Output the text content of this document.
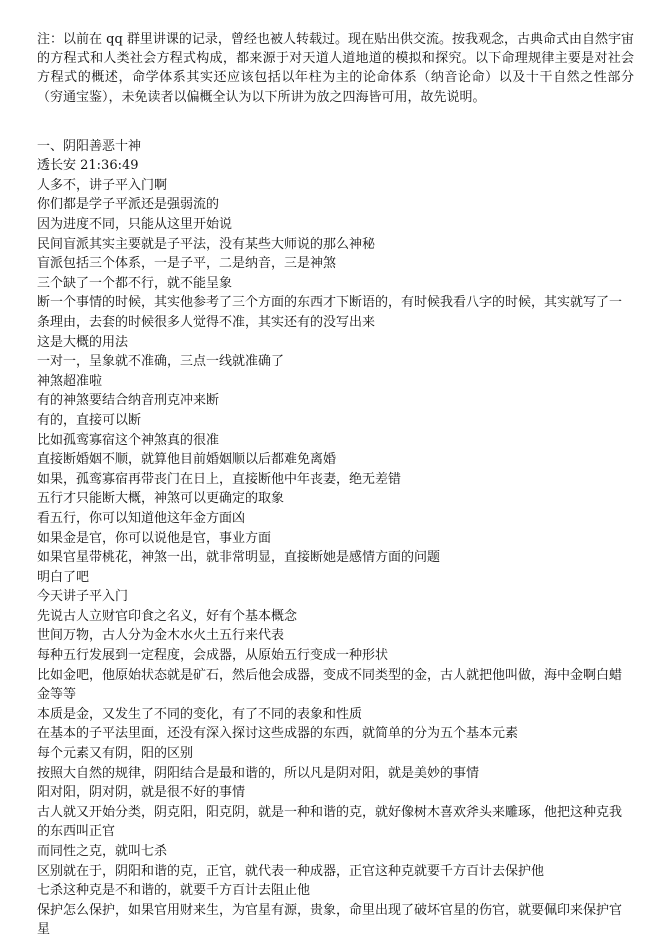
注：以前在 qq 群里讲课的记录，曾经也被人转载过。现在贴出供交流。按我观念，古典命式由自然宇宙的方程式和人类社会方程式构成，都来源于对天道人道地道的模拟和探究。以下命理规律主要是对社会方程式的概述，命学体系其实还应该包括以年柱为主的论命体系（纳音论命）以及十干自然之性部分（穷通宝鉴），未免读者以偏概全认为以下所讲为放之四海皆可用，故先说明。

一、阴阳善恶十神

透长安 21:36:49
人多不，讲子平入门啊
你们都是学子平派还是强弱流的
因为进度不同，只能从这里开始说
民间盲派其实主要就是子平法，没有某些大师说的那么神秘
盲派包括三个体系，一是子平，二是纳音，三是神煞
三个缺了一个都不行，就不能呈象
断一个事情的时候，其实他参考了三个方面的东西才下断语的，有时候我看八字的时候，其实就写了一条理由，去套的时候很多人觉得不准，其实还有的没写出来
这是大概的用法
一对一，呈象就不准确，三点一线就准确了
神煞超准啦
有的神煞要结合纳音刑克冲来断
有的，直接可以断
比如孤鸾寡宿这个神煞真的很准
直接断婚姻不顺，就算他目前婚姻顺以后都难免离婚
如果，孤鸾寡宿再带丧门在日上，直接断他中年丧妻，绝无差错
五行才只能断大概，神煞可以更确定的取象
看五行，你可以知道他这年金方面凶
如果金是官，你可以说他是官，事业方面
如果官星带桃花，神煞一出，就非常明显，直接断她是感情方面的问题
明白了吧
今天讲子平入门
先说古人立财官印食之名义，好有个基本概念
世间万物，古人分为金木水火土五行来代表
每种五行发展到一定程度，会成器，从原始五行变成一种形状
比如金吧，他原始状态就是矿石，然后他会成器，变成不同类型的金，古人就把他叫做，海中金啊白蜡金等等
本质是金，又发生了不同的变化，有了不同的表象和性质
在基本的子平法里面，还没有深入探讨这些成器的东西，就简单的分为五个基本元素
每个元素又有阴，阳的区别
按照大自然的规律，阴阳结合是最和谐的，所以凡是阴对阳，就是美妙的事情
阳对阳，阴对阴，就是很不好的事情
古人就又开始分类，阴克阳，阳克阴，就是一种和谐的克，就好像树木喜欢斧头来雕琢，他把这种克我的东西叫正官
而同性之克，就叫七杀
区别就在于，阴阳和谐的克，正官，就代表一种成器，正官这种克就要千方百计去保护他
七杀这种克是不和谐的，就要千方百计去阻止他
保护怎么保护，如果官用财来生，为官星有源，贵象，命里出现了破坏官星的伤官，就要佩印来保护官星
